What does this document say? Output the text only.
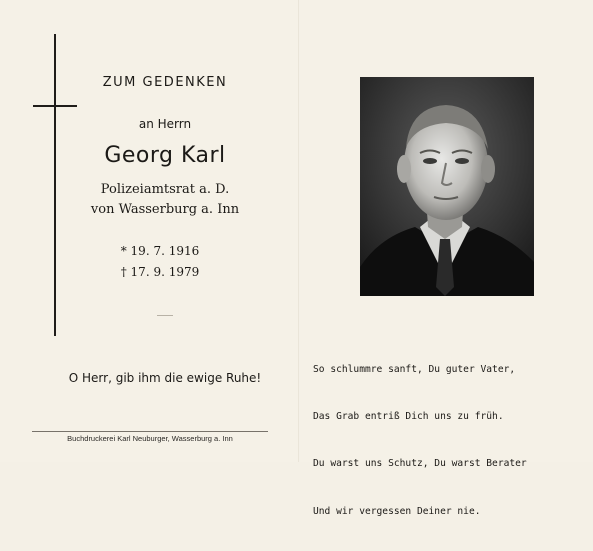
ZUM GEDENKEN
an Herrn
Georg Karl
Polizeiamtsrat a. D.
von Wasserburg a. Inn
* 19. 7. 1916
† 17. 9. 1979
O Herr, gib ihm die ewige Ruhe!
Buchdruckerei Karl Neuburger, Wasserburg a. Inn

So schlummre sanft, Du guter Vater,

Das Grab entriß Dich uns zu früh.

Du warst uns Schutz, Du warst Berater

Und wir vergessen Deiner nie.
